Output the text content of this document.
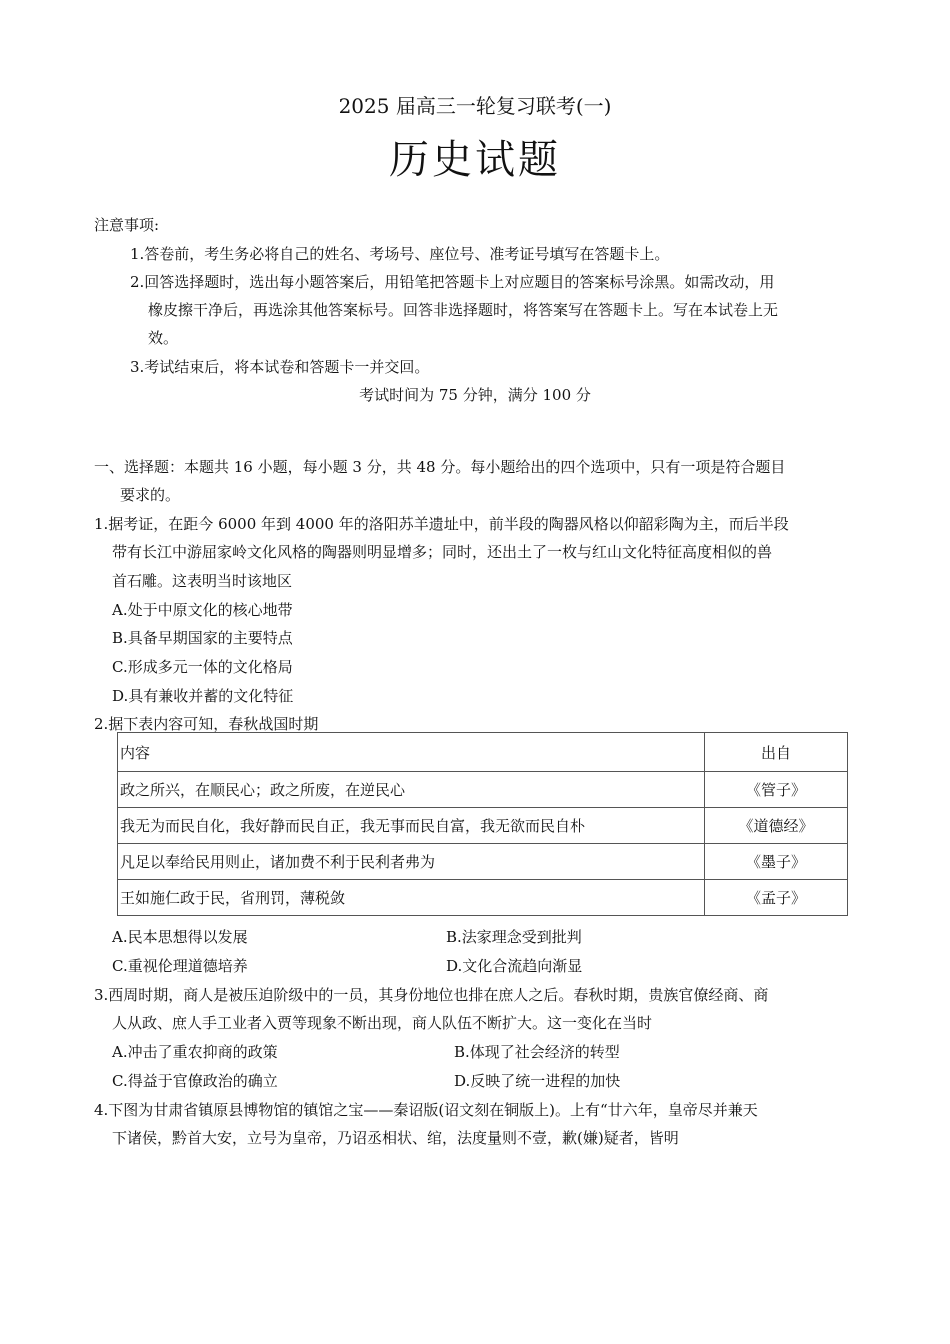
2025 届高三一轮复习联考(一)
历史试题
注意事项:
1.答卷前，考生务必将自己的姓名、考场号、座位号、准考证号填写在答题卡上。
2.回答选择题时，选出每小题答案后，用铅笔把答题卡上对应题目的答案标号涂黑。如需改动，用
橡皮擦干净后，再选涂其他答案标号。回答非选择题时，将答案写在答题卡上。写在本试卷上无
效。
3.考试结束后，将本试卷和答题卡一并交回。
考试时间为 75 分钟，满分 100 分
一、选择题：本题共 16 小题，每小题 3 分，共 48 分。每小题给出的四个选项中，只有一项是符合题目
要求的。
1.据考证，在距今 6000 年到 4000 年的洛阳苏羊遗址中，前半段的陶器风格以仰韶彩陶为主，而后半段
带有长江中游屈家岭文化风格的陶器则明显增多；同时，还出土了一枚与红山文化特征高度相似的兽
首石雕。这表明当时该地区
A.处于中原文化的核心地带
B.具备早期国家的主要特点
C.形成多元一体的文化格局
D.具有兼收并蓄的文化特征
2.据下表内容可知，春秋战国时期
内容	出自
政之所兴，在顺民心；政之所废，在逆民心	《管子》
我无为而民自化，我好静而民自正，我无事而民自富，我无欲而民自朴	《道德经》
凡足以奉给民用则止，诸加费不利于民利者弗为	《墨子》
王如施仁政于民，省刑罚，薄税敛	《孟子》
A.民本思想得以发展	B.法家理念受到批判
C.重视伦理道德培养	D.文化合流趋向渐显
3.西周时期，商人是被压迫阶级中的一员，其身份地位也排在庶人之后。春秋时期，贵族官僚经商、商
人从政、庶人手工业者入贾等现象不断出现，商人队伍不断扩大。这一变化在当时
A.冲击了重农抑商的政策	B.体现了社会经济的转型
C.得益于官僚政治的确立	D.反映了统一进程的加快
4.下图为甘肃省镇原县博物馆的镇馆之宝——秦诏版(诏文刻在铜版上)。上有“廿六年，皇帝尽并兼天
下诸侯，黔首大安，立号为皇帝，乃诏丞相状、绾，法度量则不壹，歉(嫌)疑者，皆明
